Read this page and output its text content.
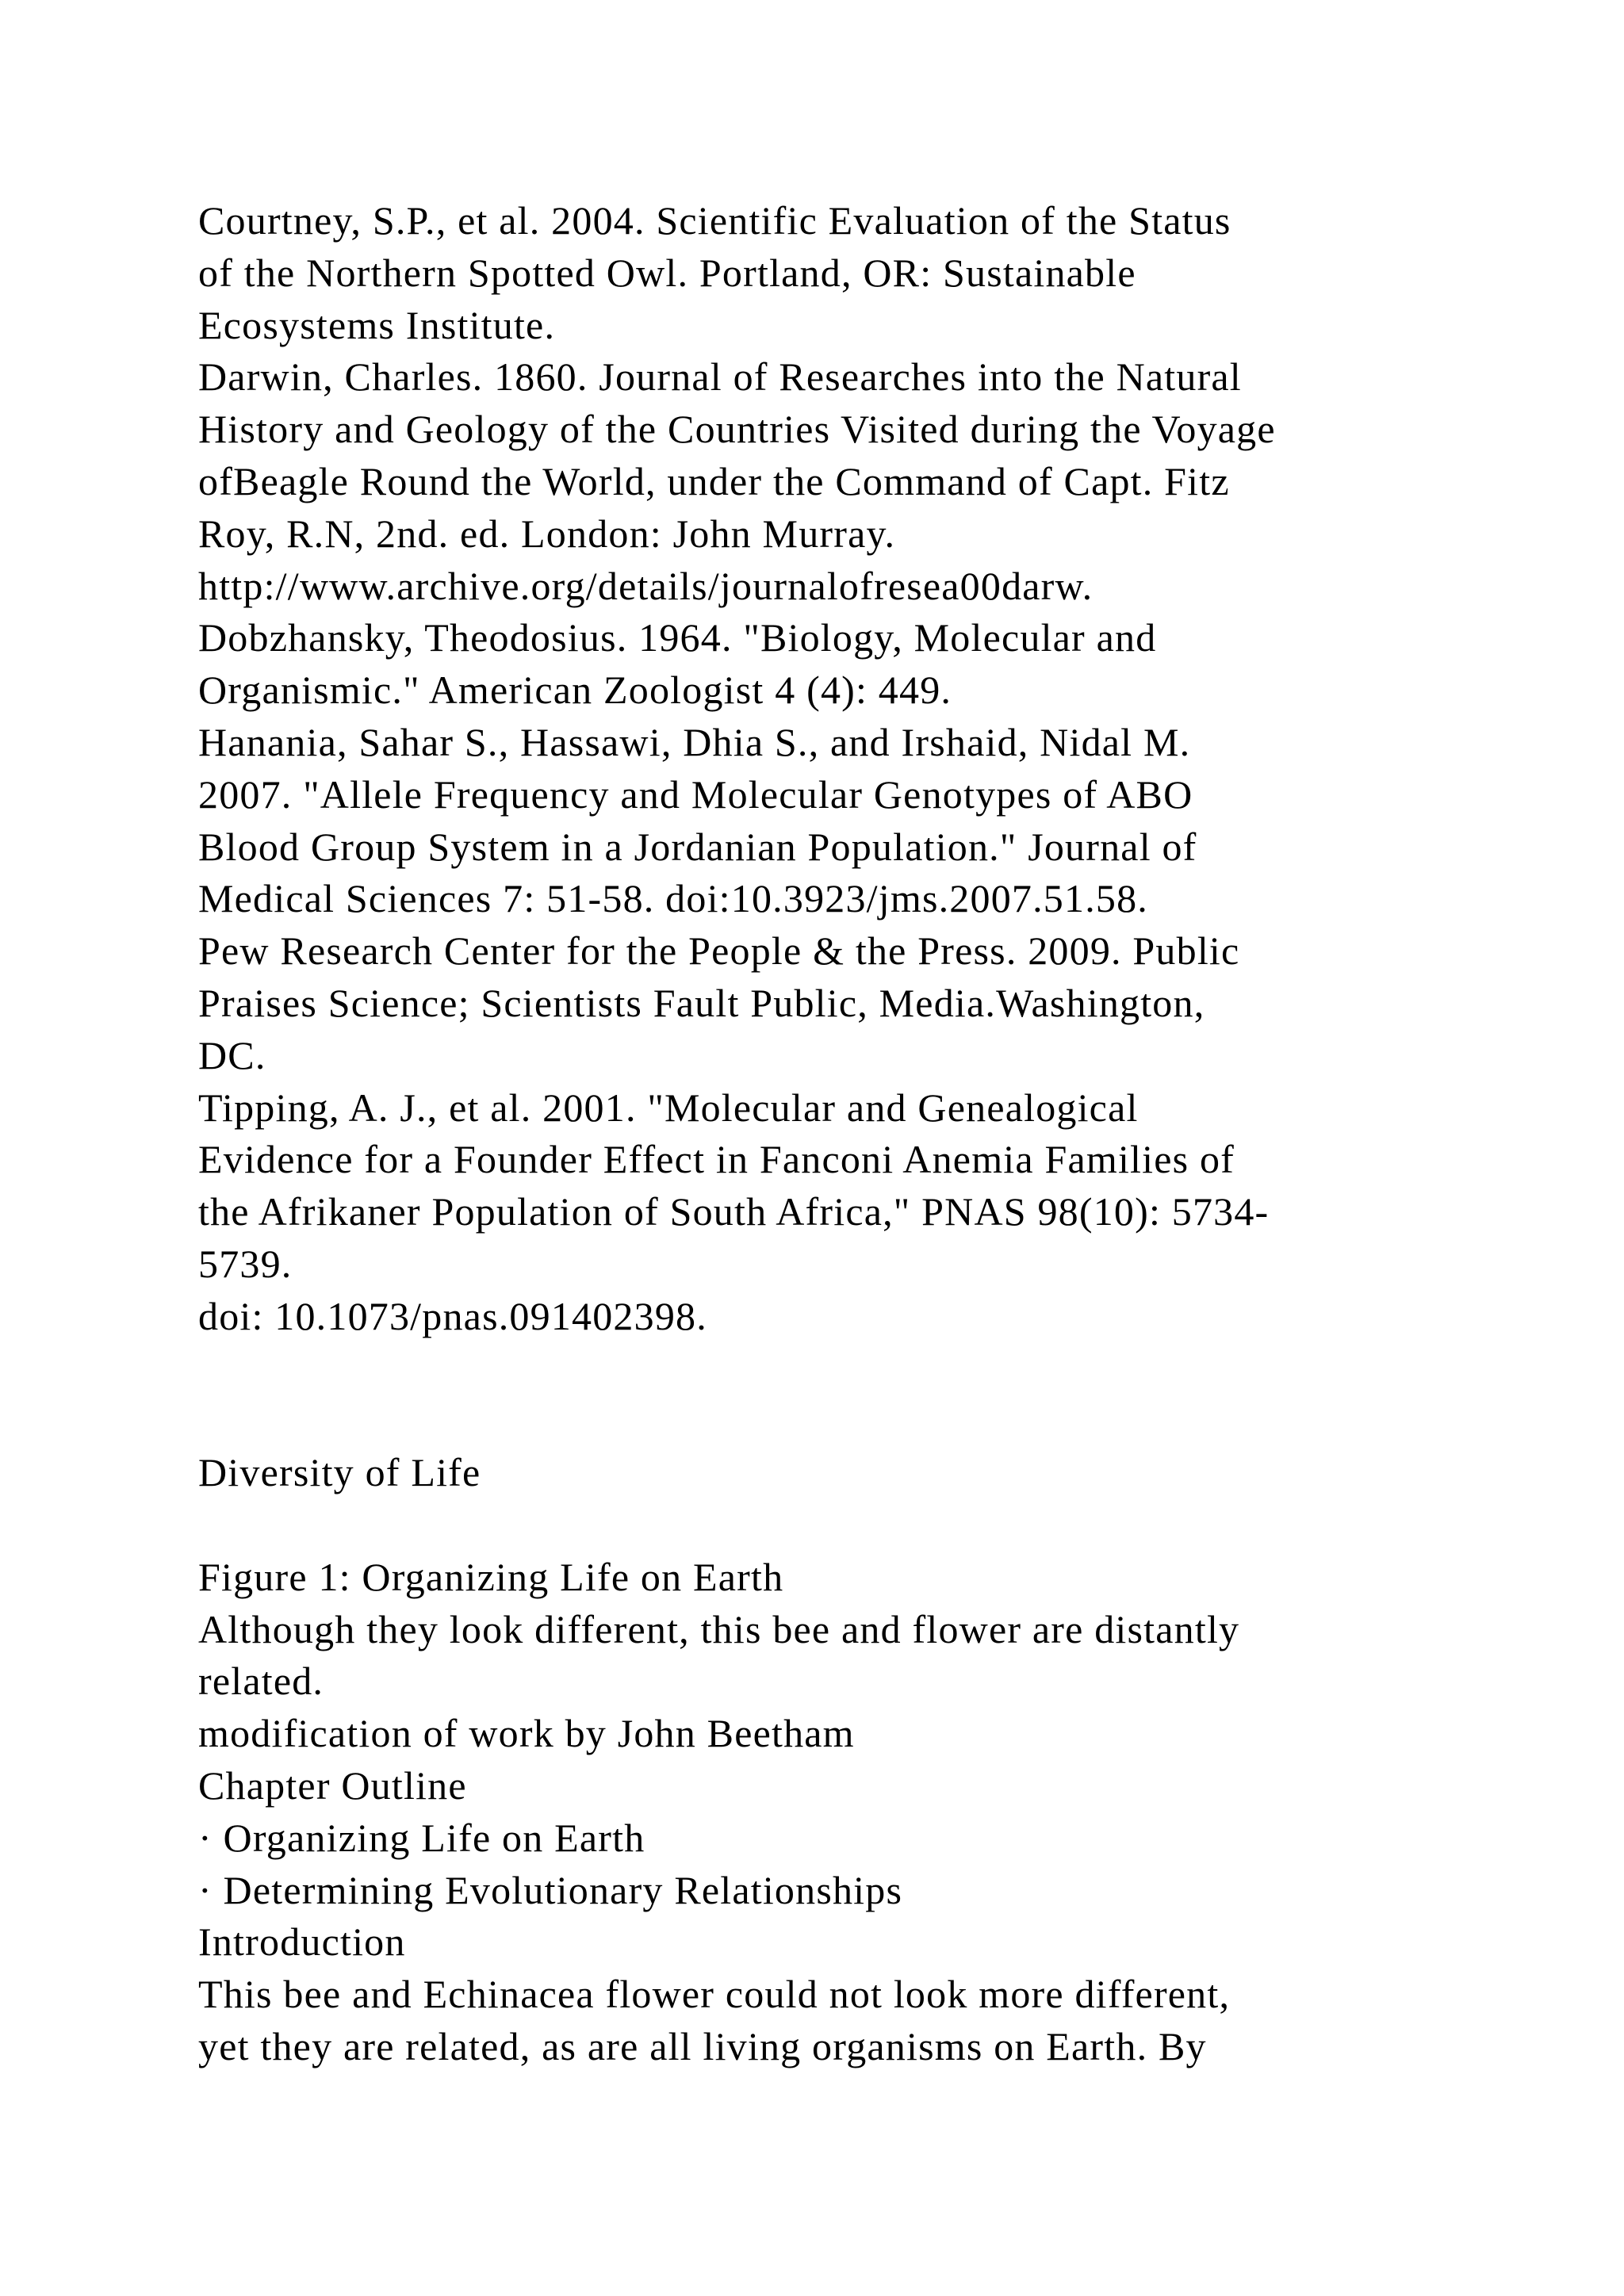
Courtney, S.P., et al. 2004. Scientific Evaluation of the Status
of the Northern Spotted Owl. Portland, OR: Sustainable
Ecosystems Institute.
Darwin, Charles. 1860. Journal of Researches into the Natural
History and Geology of the Countries Visited during the Voyage
ofBeagle Round the World, under the Command of Capt. Fitz
Roy, R.N, 2nd. ed. London: John Murray.
http://www.archive.org/details/journalofresea00darw.
Dobzhansky, Theodosius. 1964. "Biology, Molecular and
Organismic." American Zoologist 4 (4): 449.
Hanania, Sahar S., Hassawi, Dhia S., and Irshaid, Nidal M.
2007. "Allele Frequency and Molecular Genotypes of ABO
Blood Group System in a Jordanian Population." Journal of
Medical Sciences 7: 51-58. doi:10.3923/jms.2007.51.58.
Pew Research Center for the People & the Press. 2009. Public
Praises Science; Scientists Fault Public, Media.Washington,
DC.
Tipping, A. J., et al. 2001. "Molecular and Genealogical
Evidence for a Founder Effect in Fanconi Anemia Families of
the Afrikaner Population of South Africa," PNAS 98(10): 5734-
5739.
doi: 10.1073/pnas.091402398.
Diversity of Life
Figure 1: Organizing Life on Earth
Although they look different, this bee and flower are distantly
related.
modification of work by John Beetham
Chapter Outline
· Organizing Life on Earth
· Determining Evolutionary Relationships
Introduction
This bee and Echinacea flower could not look more different,
yet they are related, as are all living organisms on Earth. By
